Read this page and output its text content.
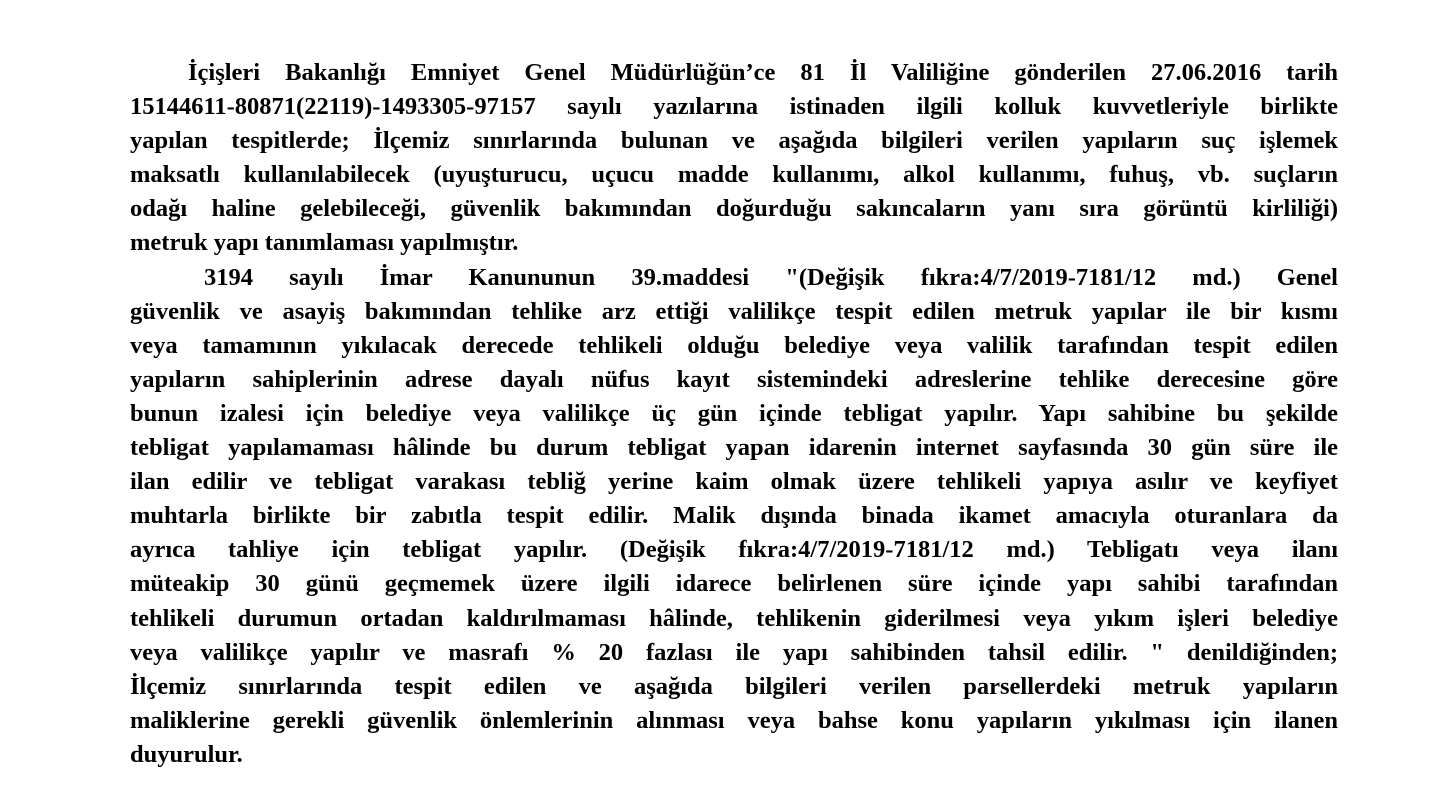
İçişleri Bakanlığı Emniyet Genel Müdürlüğün’ce 81 İl Valiliğine gönderilen 27.06.2016 tarih
15144611-80871(22119)-1493305-97157 sayılı yazılarına istinaden ilgili kolluk kuvvetleriyle birlikte
yapılan tespitlerde; İlçemiz sınırlarında bulunan ve aşağıda bilgileri verilen yapıların suç işlemek
maksatlı kullanılabilecek (uyuşturucu, uçucu madde kullanımı, alkol kullanımı, fuhuş, vb. suçların
odağı haline gelebileceği, güvenlik bakımından doğurduğu sakıncaların yanı sıra görüntü kirliliği)
metruk yapı tanımlaması yapılmıştır.
3194 sayılı İmar Kanununun 39.maddesi "(Değişik fıkra:4/7/2019-7181/12 md.) Genel
güvenlik ve asayiş bakımından tehlike arz ettiği valilikçe tespit edilen metruk yapılar ile bir kısmı
veya tamamının yıkılacak derecede tehlikeli olduğu belediye veya valilik tarafından tespit edilen
yapıların sahiplerinin adrese dayalı nüfus kayıt sistemindeki adreslerine tehlike derecesine göre
bunun izalesi için belediye veya valilikçe üç gün içinde tebligat yapılır. Yapı sahibine bu şekilde
tebligat yapılamaması hâlinde bu durum tebligat yapan idarenin internet sayfasında 30 gün süre ile
ilan edilir ve tebligat varakası tebliğ yerine kaim olmak üzere tehlikeli yapıya asılır ve keyfiyet
muhtarla birlikte bir zabıtla tespit edilir. Malik dışında binada ikamet amacıyla oturanlara da
ayrıca tahliye için tebligat yapılır. (Değişik fıkra:4/7/2019-7181/12 md.) Tebligatı veya ilanı
müteakip 30 günü geçmemek üzere ilgili idarece belirlenen süre içinde yapı sahibi tarafından
tehlikeli durumun ortadan kaldırılmaması hâlinde, tehlikenin giderilmesi veya yıkım işleri belediye
veya valilikçe yapılır ve masrafı % 20 fazlası ile yapı sahibinden tahsil edilir. " denildiğinden;
İlçemiz sınırlarında tespit edilen ve aşağıda bilgileri verilen parsellerdeki metruk yapıların
maliklerine gerekli güvenlik önlemlerinin alınması veya bahse konu yapıların yıkılması için ilanen
duyurulur.
